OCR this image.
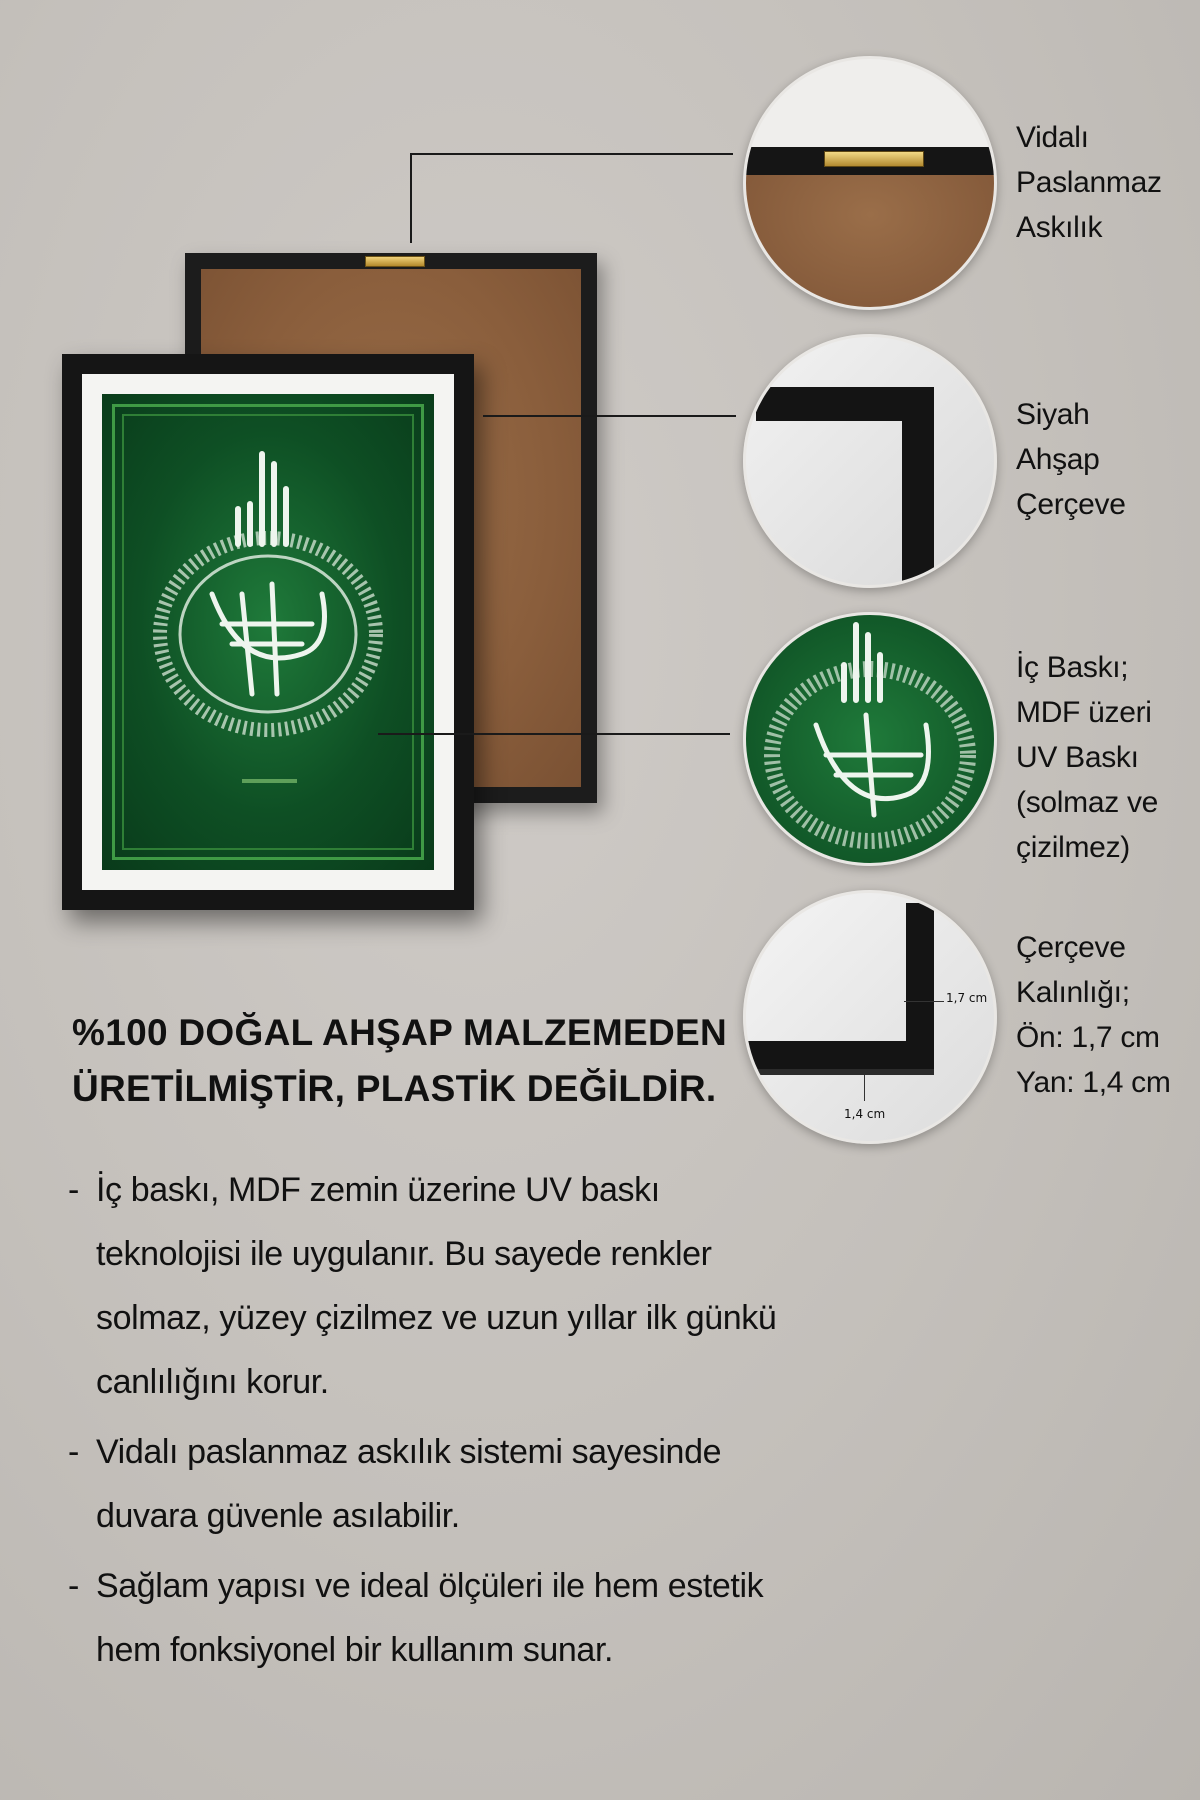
1,7 cm
1,4 cm
Vidalı
Paslanmaz
Askılık
Siyah
Ahşap
Çerçeve
İç Baskı;
MDF üzeri
UV Baskı
(solmaz ve
çizilmez)
Çerçeve
Kalınlığı;
Ön: 1,7 cm
Yan: 1,4 cm
%100 DOĞAL AHŞAP MALZEMEDEN
ÜRETİLMİŞTİR, PLASTİK DEĞİLDİR.
- İç baskı, MDF zemin üzerine UV baskı teknolojisi ile uygulanır. Bu sayede renkler solmaz, yüzey çizilmez ve uzun yıllar ilk günkü canlılığını korur.
- Vidalı paslanmaz askılık sistemi sayesinde duvara güvenle asılabilir.
- Sağlam yapısı ve ideal ölçüleri ile hem estetik hem fonksiyonel bir kullanım sunar.
